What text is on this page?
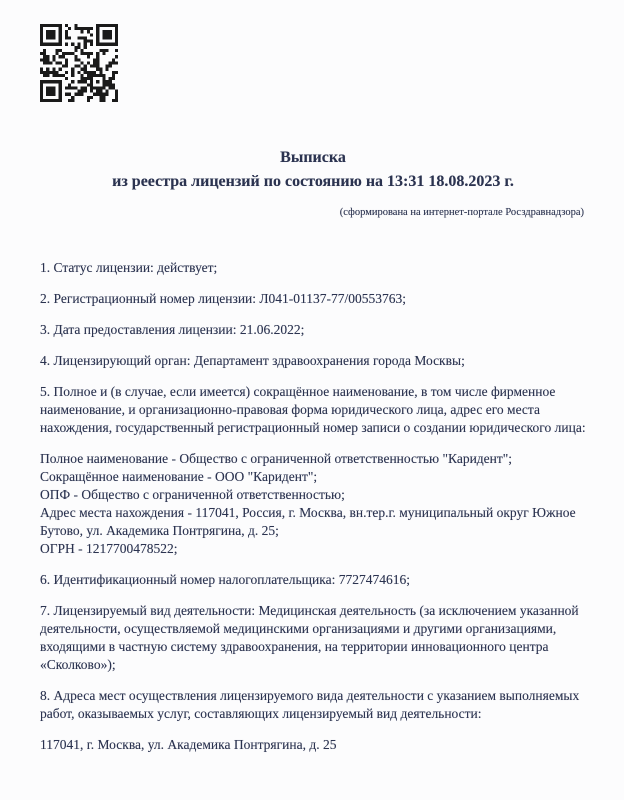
Выписка
из реестра лицензий по состоянию на 13:31 18.08.2023 г.
(сформирована на интернет-портале Росздравнадзора)

1. Статус лицензии: действует;

2. Регистрационный номер лицензии: Л041-01137-77/00553763;

3. Дата предоставления лицензии: 21.06.2022;

4. Лицензирующий орган: Департамент здравоохранения города Москвы;

5. Полное и (в случае, если имеется) сокращённое наименование, в том числе фирменное наименование, и организационно-правовая форма юридического лица, адрес его места нахождения, государственный регистрационный номер записи о создании юридического лица:

Полное наименование - Общество с ограниченной ответственностью "Каридент";
Сокращённое наименование - ООО "Каридент";
ОПФ - Общество с ограниченной ответственностью;
Адрес места нахождения - 117041, Россия, г. Москва, вн.тер.г. муниципальный округ Южное Бутово, ул. Академика Понтрягина, д. 25;
ОГРН - 1217700478522;

6. Идентификационный номер налогоплательщика: 7727474616;

7. Лицензируемый вид деятельности: Медицинская деятельность (за исключением указанной деятельности, осуществляемой медицинскими организациями и другими организациями, входящими в частную систему здравоохранения, на территории инновационного центра «Сколково»);

8. Адреса мест осуществления лицензируемого вида деятельности с указанием выполняемых работ, оказываемых услуг, составляющих лицензируемый вид деятельности:

117041, г. Москва, ул. Академика Понтрягина, д. 25
